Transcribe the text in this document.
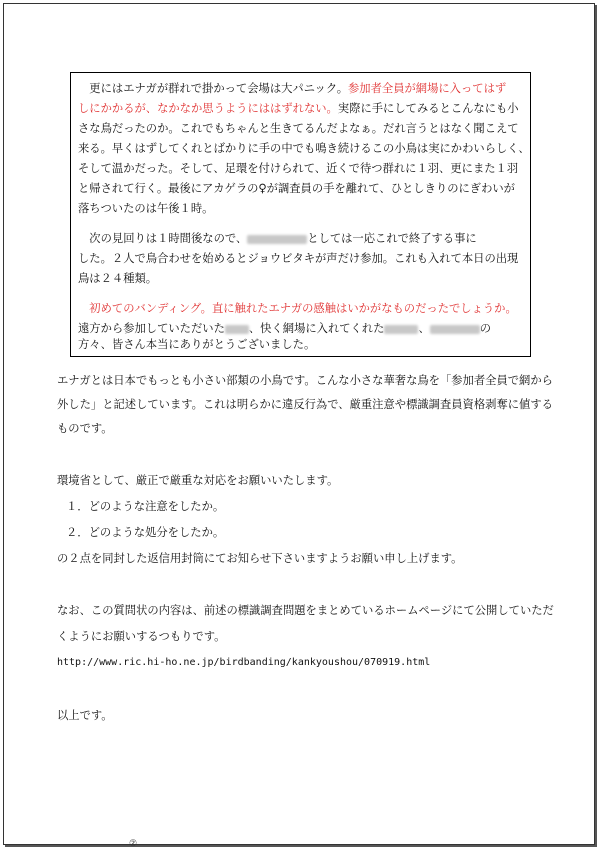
　更にはエナガが群れで掛かって会場は大パニック。参加者全員が網場に入ってはず
しにかかるが、なかなか思うようにははずれない。実際に手にしてみるとこんなにも小
さな鳥だったのか。これでもちゃんと生きてるんだよなぁ。だれ言うとはなく聞こえて
来る。早くはずしてくれとばかりに手の中でも鳴き続けるこの小鳥は実にかわいらしく、
そして温かだった。そして、足環を付けられて、近くで待つ群れに１羽、更にまた１羽
と帰されて行く。最後にアカゲラの♀が調査員の手を離れて、ひとしきりのにぎわいが
落ちついたのは午後１時。
　次の見回りは１時間後なので、	としては一応これで終了する事に
した。２人で鳥合わせを始めるとジョウビタキが声だけ参加。これも入れて本日の出現
鳥は２４種類。
　初めてのバンディング。直に触れたエナガの感触はいかがなものだったでしょうか。
遠方から参加していただいた 、快く網場に入れてくれた	、	の
方々、皆さん本当にありがとうございました。
エナガとは日本でもっとも小さい部類の小鳥です。こんな小さな華奢な鳥を「参加者全員で網から
外した」と記述しています。これは明らかに違反行為で、厳重注意や標識調査員資格剥奪に値する
ものです。
環境省として、厳正で厳重な対応をお願いいたします。
１．どのような注意をしたか。
２．どのような処分をしたか。
の２点を同封した返信用封筒にてお知らせ下さいますようお願い申し上げます。
なお、この質問状の内容は、前述の標識調査問題をまとめているホームページにて公開していただ
くようにお願いするつもりです。
http://www.ric.hi-ho.ne.jp/birdbanding/kankyoushou/070919.html
以上です。
②
